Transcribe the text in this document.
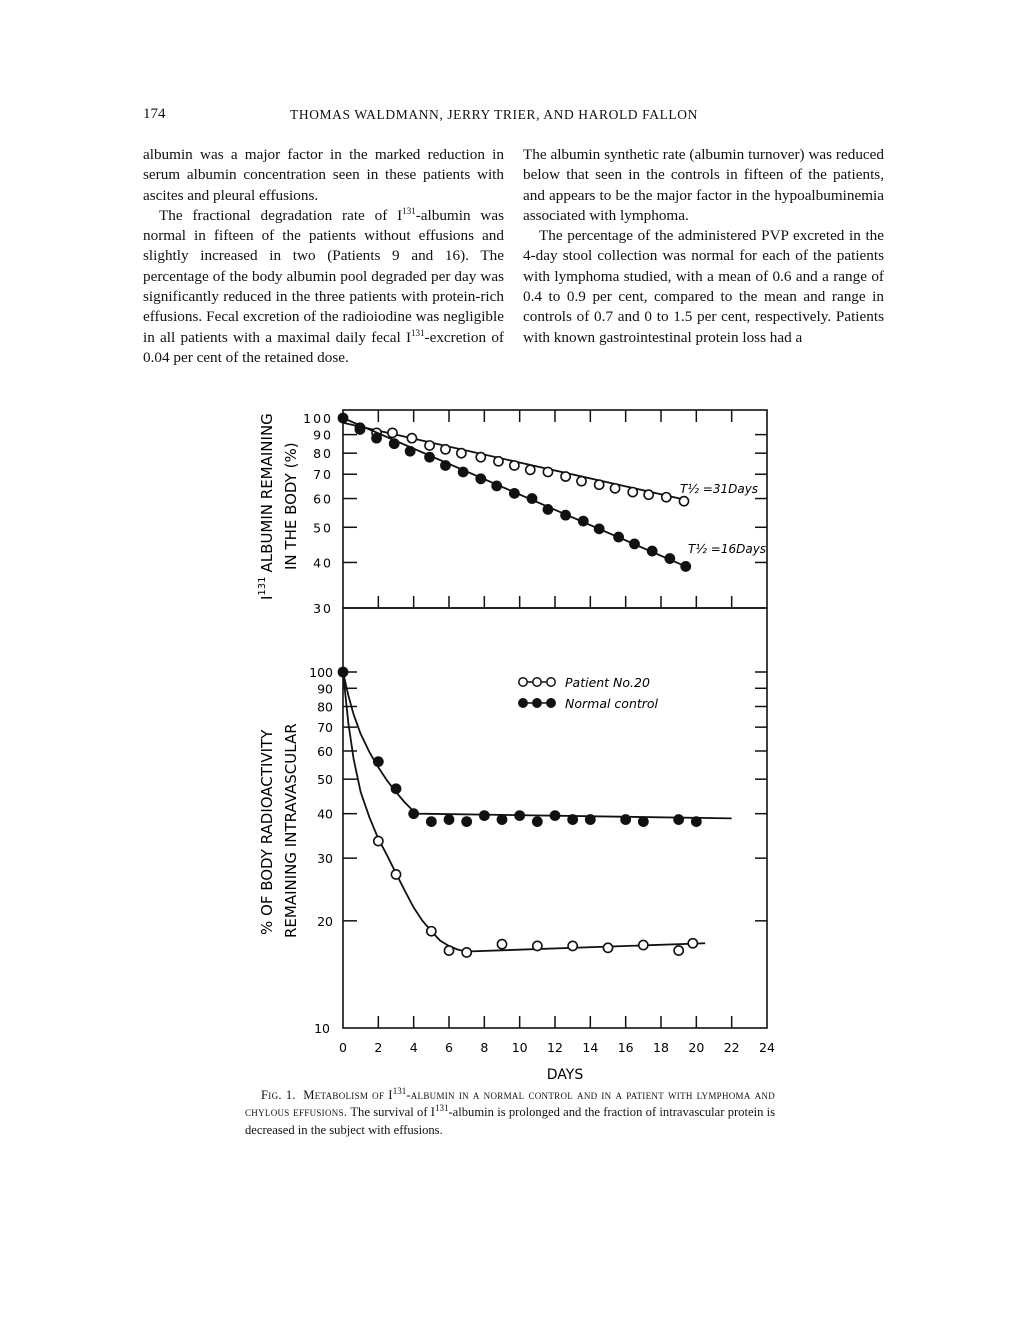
174	THOMAS WALDMANN, JERRY TRIER, AND HAROLD FALLON

albumin was a major factor in the marked reduction in serum albumin concentration seen in these patients with ascites and pleural effusions.

The fractional degradation rate of $I^{131}$-albumin was normal in fifteen of the patients without effusions and slightly increased in two (Patients 9 and 16). The percentage of the body albumin pool degraded per day was significantly reduced in the three patients with protein-rich effusions. Fecal excretion of the radioiodine was negligible in all patients with a maximal daily fecal $I^{131}$-excretion of 0.04 per cent of the retained dose.

The albumin synthetic rate (albumin turnover) was reduced below that seen in the controls in fifteen of the patients, and appears to be the major factor in the hypoalbuminemia associated with lymphoma.

The percentage of the administered PVP excreted in the 4-day stool collection was normal for each of the patients with lymphoma studied, with a mean of 0.6 and a range of 0.4 to 0.9 per cent, compared to the mean and range in controls of 0.7 and 0 to 1.5 per cent, respectively. Patients with known gastrointestinal protein loss had a

0 2 4 6 8 10 12 14 16 18 20 22 24
DAYS
100
90
80
70
60
50
40
30
100
90
80
70
60
50
40
30
20
10
$I^{131}ALBUMIN$ REMAINING IN THE BODY (%)
% OF BODY RADIOACTIVITY REMAINING INTRAVASCULAR
T½ =31Days
T½ =16Days
Patient No.20
Normal control
Fig. 1. Metabolism of $I^{131}$-albumin in a normal control and in a patient with lymphoma and chylous effusions. The survival of $I^{131}$-albumin is prolonged and the fraction of intravascular protein is decreased in the subject with effusions.
